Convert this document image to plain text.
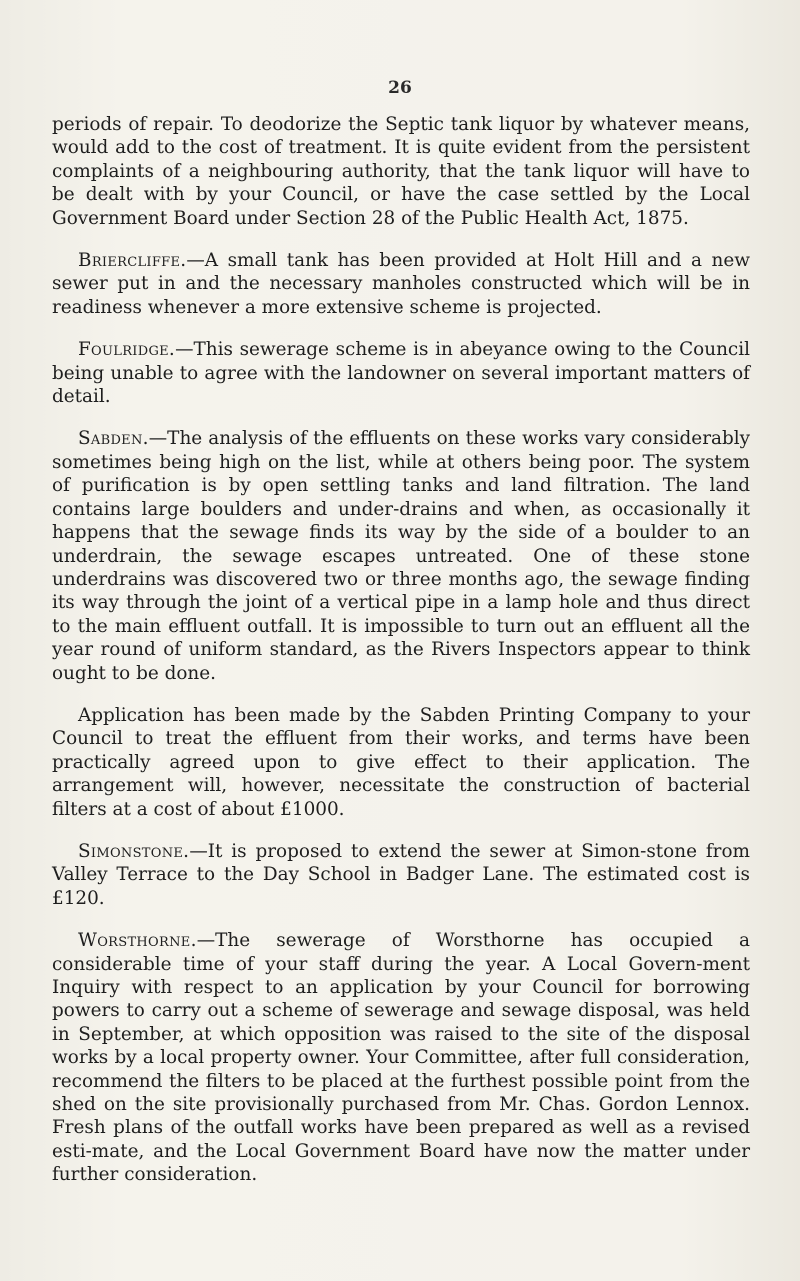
26

periods of repair. To deodorize the Septic tank liquor by whatever means, would add to the cost of treatment. It is quite evident from the persistent complaints of a neighbouring authority, that the tank liquor will have to be dealt with by your Council, or have the case settled by the Local Government Board under Section 28 of the Public Health Act, 1875.

Briercliffe.—A small tank has been provided at Holt Hill and a new sewer put in and the necessary manholes constructed which will be in readiness whenever a more extensive scheme is projected.

Foulridge.—This sewerage scheme is in abeyance owing to the Council being unable to agree with the landowner on several important matters of detail.

Sabden.—The analysis of the effluents on these works vary considerably sometimes being high on the list, while at others being poor. The system of purification is by open settling tanks and land filtration. The land contains large boulders and under-drains and when, as occasionally it happens that the sewage finds its way by the side of a boulder to an underdrain, the sewage escapes untreated. One of these stone underdrains was discovered two or three months ago, the sewage finding its way through the joint of a vertical pipe in a lamp hole and thus direct to the main effluent outfall. It is impossible to turn out an effluent all the year round of uniform standard, as the Rivers Inspectors appear to think ought to be done.

Application has been made by the Sabden Printing Company to your Council to treat the effluent from their works, and terms have been practically agreed upon to give effect to their application. The arrangement will, however, necessitate the construction of bacterial filters at a cost of about £1000.

Simonstone.—It is proposed to extend the sewer at Simon-stone from Valley Terrace to the Day School in Badger Lane. The estimated cost is £120.

Worsthorne.—The sewerage of Worsthorne has occupied a considerable time of your staff during the year. A Local Govern-ment Inquiry with respect to an application by your Council for borrowing powers to carry out a scheme of sewerage and sewage disposal, was held in September, at which opposition was raised to the site of the disposal works by a local property owner. Your Committee, after full consideration, recommend the filters to be placed at the furthest possible point from the shed on the site provisionally purchased from Mr. Chas. Gordon Lennox. Fresh plans of the outfall works have been prepared as well as a revised esti-mate, and the Local Government Board have now the matter under further consideration.
